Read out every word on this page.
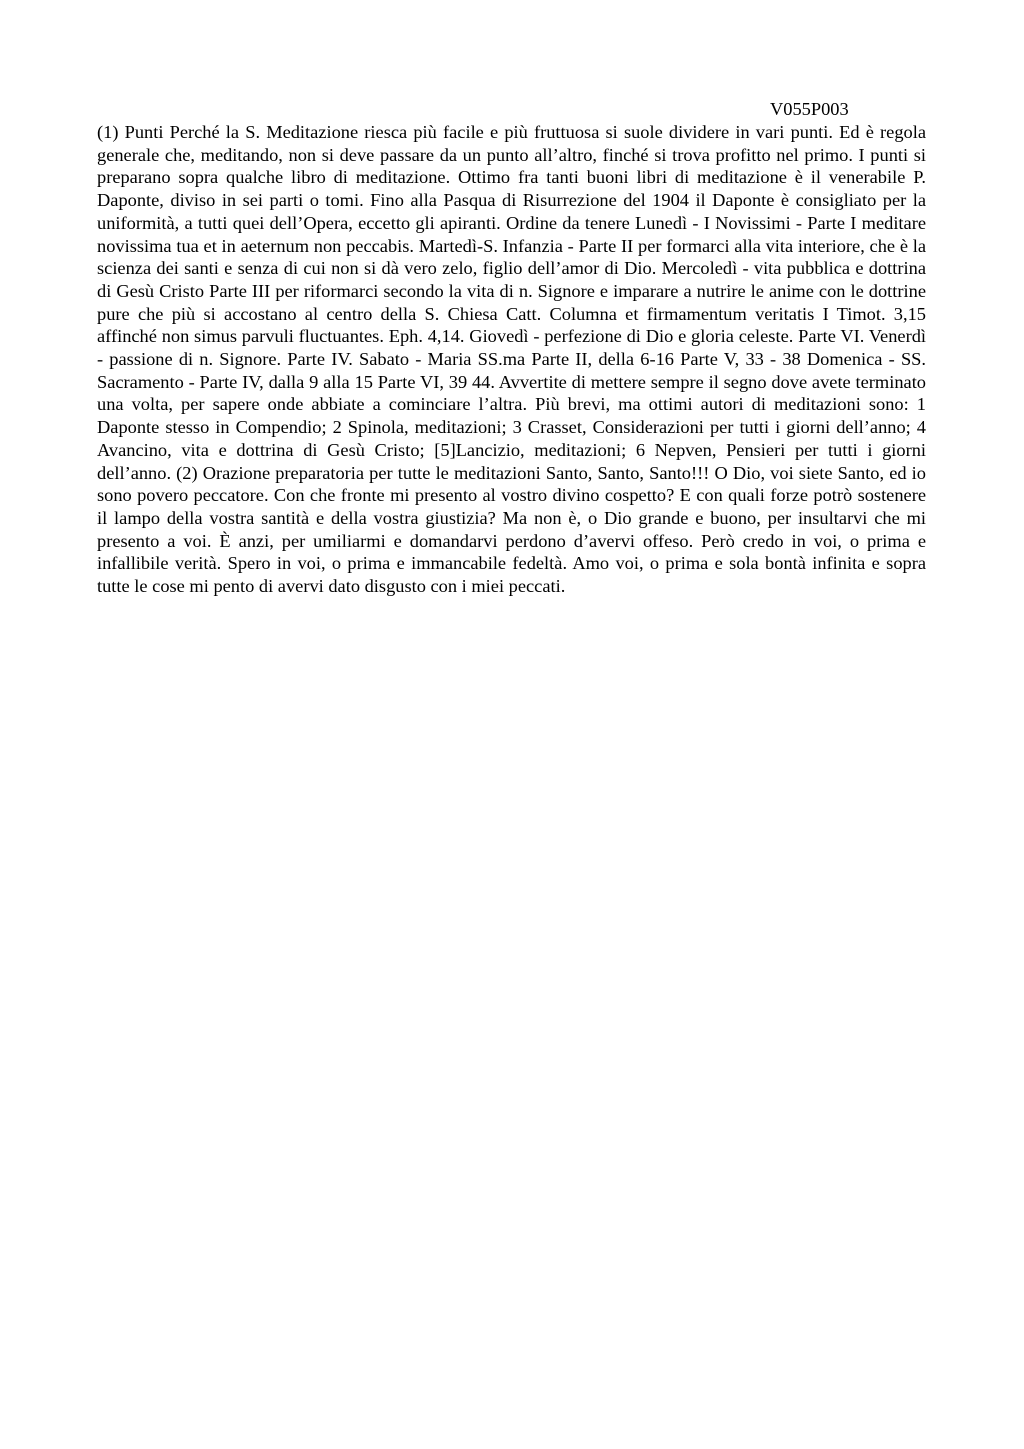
V055P003

(1) Punti Perché la S. Meditazione riesca più facile e più fruttuosa si suole dividere in vari punti. Ed è regola generale che, meditando, non si deve passare da un punto all’altro, finché si trova profitto nel primo. I punti si preparano sopra qualche libro di meditazione. Ottimo fra tanti buoni libri di meditazione è il venerabile P. Daponte, diviso in sei parti o tomi. Fino alla Pasqua di Risurrezione del 1904 il Daponte è consigliato per la uniformità, a tutti quei dell’Opera, eccetto gli apiranti. Ordine da tenere Lunedì - I Novissimi - Parte I meditare novissima tua et in aeternum non peccabis. Martedì-S. Infanzia - Parte II per formarci alla vita interiore, che è la scienza dei santi e senza di cui non si dà vero zelo, figlio dell’amor di Dio. Mercoledì - vita pubblica e dottrina di Gesù Cristo Parte III per riformarci secondo la vita di n. Signore e imparare a nutrire le anime con le dottrine pure che più si accostano al centro della S. Chiesa Catt. Columna et firmamentum veritatis I Timot. 3,15 affinché non simus parvuli fluctuantes. Eph. 4,14. Giovedì - perfezione di Dio e gloria celeste. Parte VI. Venerdì - passione di n. Signore. Parte IV. Sabato - Maria SS.ma Parte II, della 6-16 Parte V, 33 - 38 Domenica - SS. Sacramento - Parte IV, dalla 9 alla 15 Parte VI, 39 44. Avvertite di mettere sempre il segno dove avete terminato una volta, per sapere onde abbiate a cominciare l’altra. Più brevi, ma ottimi autori di meditazioni sono: 1 Daponte stesso in Compendio; 2 Spinola, meditazioni; 3 Crasset, Considerazioni per tutti i giorni dell’anno; 4 Avancino, vita e dottrina di Gesù Cristo; [5]Lancizio, meditazioni; 6 Nepven, Pensieri per tutti i giorni dell’anno. (2) Orazione preparatoria per tutte le meditazioni Santo, Santo, Santo!!! O Dio, voi siete Santo, ed io sono povero peccatore. Con che fronte mi presento al vostro divino cospetto? E con quali forze potrò sostenere il lampo della vostra santità e della vostra giustizia? Ma non è, o Dio grande e buono, per insultarvi che mi presento a voi. È anzi, per umiliarmi e domandarvi perdono d’avervi offeso. Però credo in voi, o prima e infallibile verità. Spero in voi, o prima e immancabile fedeltà. Amo voi, o prima e sola bontà infinita e sopra tutte le cose mi pento di avervi dato disgusto con i miei peccati.
